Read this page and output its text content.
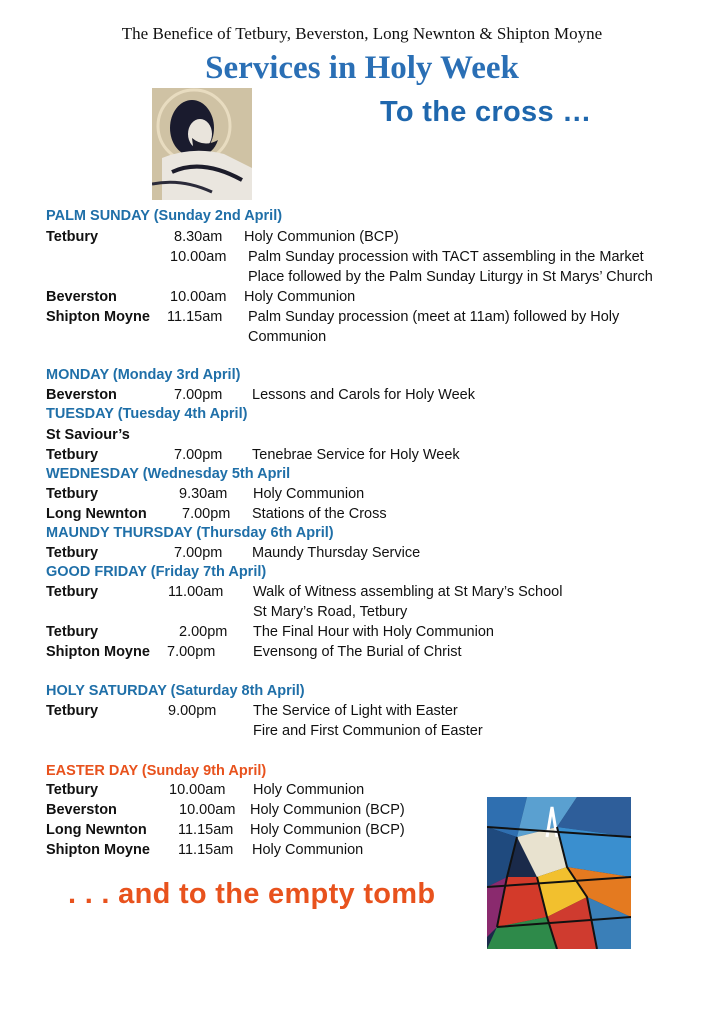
The Benefice of Tetbury, Beverston, Long Newnton & Shipton Moyne
Services in Holy Week
To the cross …
PALM SUNDAY (Sunday 2nd April)
Tetbury	8.30am Holy Communion (BCP)
10.00am Palm Sunday procession with TACT assembling in the Market
Place followed by the Palm Sunday Liturgy in St Marys’ Church
Beverston	10.00am Holy Communion
Shipton Moyne 11.15am Palm Sunday procession (meet at 11am) followed by Holy
Communion
MONDAY (Monday 3rd April)
Beverston	7.00pm Lessons and Carols for Holy Week
TUESDAY (Tuesday 4th April)
St Saviour’s
Tetbury	7.00pm Tenebrae Service for Holy Week
WEDNESDAY (Wednesday 5th April
Tetbury	9.30am Holy Communion
Long Newnton 7.00pm Stations of the Cross
MAUNDY THURSDAY (Thursday 6th April)
Tetbury	7.00pm Maundy Thursday Service
GOOD FRIDAY (Friday 7th April)
Tetbury	11.00am Walk of Witness assembling at St Mary’s School
St Mary’s Road, Tetbury
Tetbury	2.00pm The Final Hour with Holy Communion
Shipton Moyne 7.00pm	Evensong of The Burial of Christ
HOLY SATURDAY (Saturday 8th April)
Tetbury	9.00pm	The Service of Light with Easter
Fire and First Communion of Easter
EASTER DAY (Sunday 9th April)
Tetbury	10.00am Holy Communion
Beverston	10.00am Holy Communion (BCP)
Long Newnton 11.15am Holy Communion (BCP)
Shipton Moyne 11.15am Holy Communion
. . . and to the empty tomb
